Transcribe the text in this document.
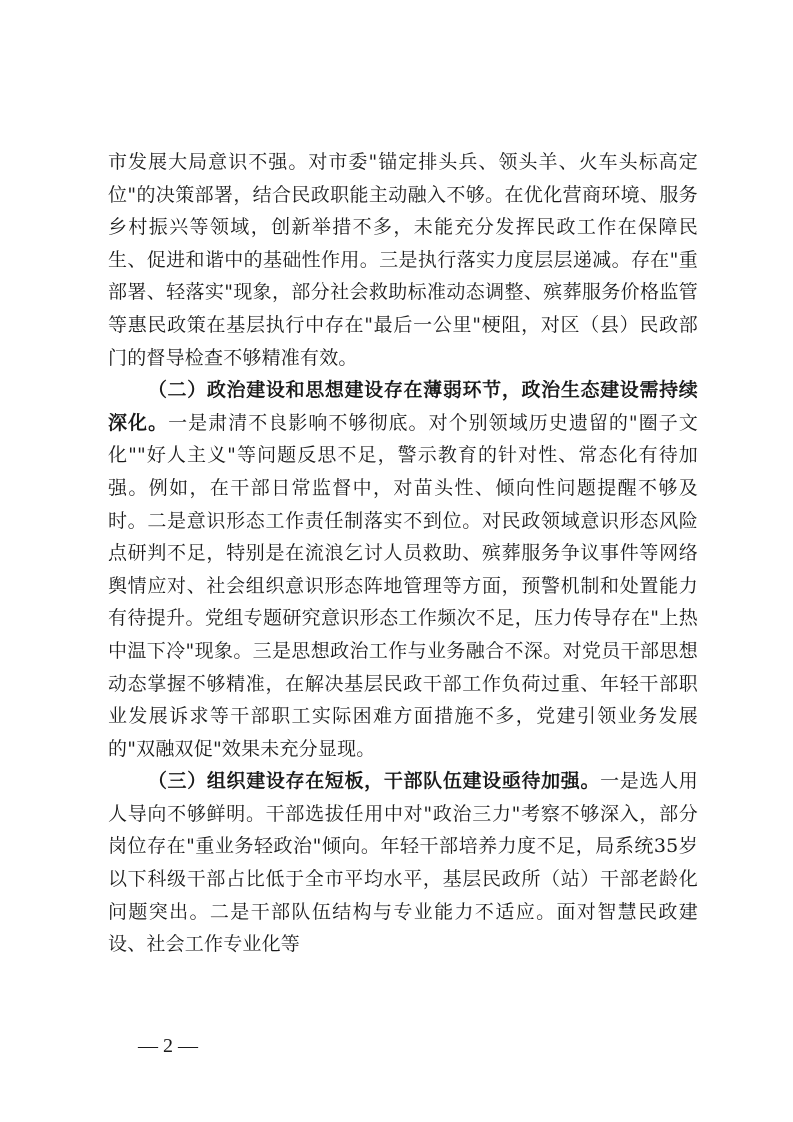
市发展大局意识不强。对市委"锚定排头兵、领头羊、火车头标高定位"的决策部署，结合民政职能主动融入不够。在优化营商环境、服务乡村振兴等领域，创新举措不多，未能充分发挥民政工作在保障民生、促进和谐中的基础性作用。三是执行落实力度层层递减。存在"重部署、轻落实"现象，部分社会救助标准动态调整、殡葬服务价格监管等惠民政策在基层执行中存在"最后一公里"梗阻，对区（县）民政部门的督导检查不够精准有效。

（二）政治建设和思想建设存在薄弱环节，政治生态建设需持续深化。一是肃清不良影响不够彻底。对个别领域历史遗留的"圈子文化""好人主义"等问题反思不足，警示教育的针对性、常态化有待加强。例如，在干部日常监督中，对苗头性、倾向性问题提醒不够及时。二是意识形态工作责任制落实不到位。对民政领域意识形态风险点研判不足，特别是在流浪乞讨人员救助、殡葬服务争议事件等网络舆情应对、社会组织意识形态阵地管理等方面，预警机制和处置能力有待提升。党组专题研究意识形态工作频次不足，压力传导存在"上热中温下冷"现象。三是思想政治工作与业务融合不深。对党员干部思想动态掌握不够精准，在解决基层民政干部工作负荷过重、年轻干部职业发展诉求等干部职工实际困难方面措施不多，党建引领业务发展的"双融双促"效果未充分显现。

（三）组织建设存在短板，干部队伍建设亟待加强。一是选人用人导向不够鲜明。干部选拔任用中对"政治三力"考察不够深入，部分岗位存在"重业务轻政治"倾向。年轻干部培养力度不足，局系统35岁以下科级干部占比低于全市平均水平，基层民政所（站）干部老龄化问题突出。二是干部队伍结构与专业能力不适应。面对智慧民政建设、社会工作专业化等

— 2 —
